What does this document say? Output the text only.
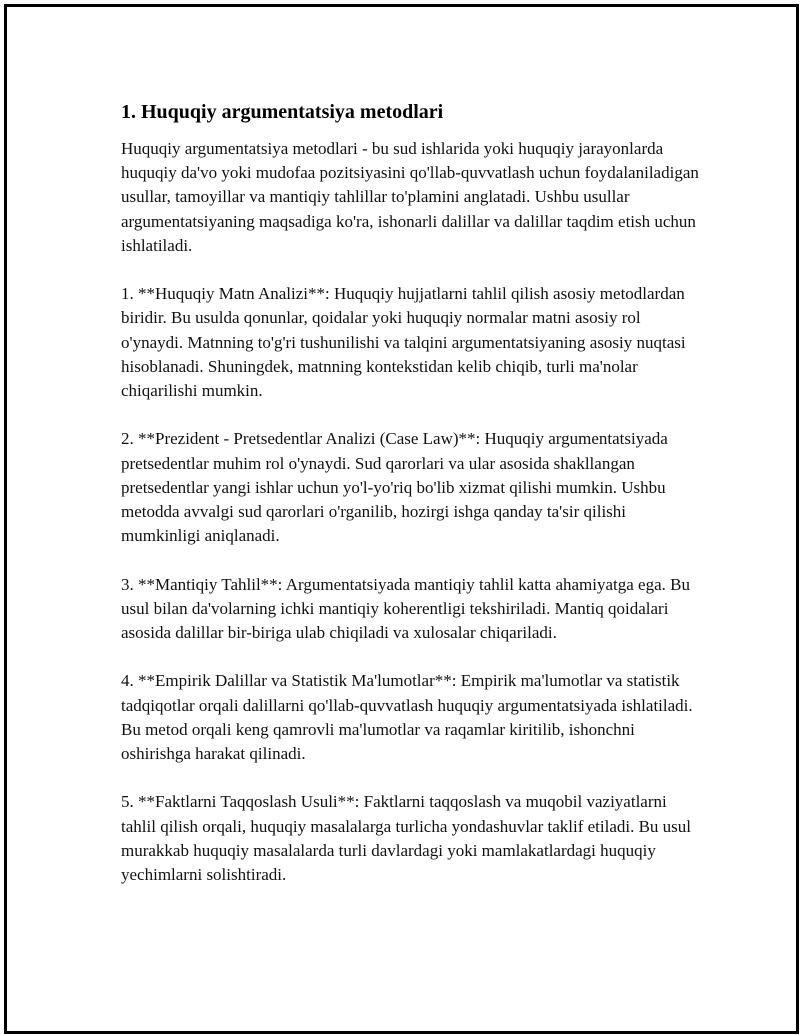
1. Huquqiy argumentatsiya metodlari

Huquqiy argumentatsiya metodlari - bu sud ishlarida yoki huquqiy jarayonlarda huquqiy da'vo yoki mudofaa pozitsiyasini qo'llab-quvvatlash uchun foydalaniladigan usullar, tamoyillar va mantiqiy tahlillar to'plamini anglatadi. Ushbu usullar argumentatsiyaning maqsadiga ko'ra, ishonarli dalillar va dalillar taqdim etish uchun ishlatiladi.

1. **Huquqiy Matn Analizi**: Huquqiy hujjatlarni tahlil qilish asosiy metodlardan biridir. Bu usulda qonunlar, qoidalar yoki huquqiy normalar matni asosiy rol o'ynaydi. Matnning to'g'ri tushunilishi va talqini argumentatsiyaning asosiy nuqtasi hisoblanadi. Shuningdek, matnning kontekstidan kelib chiqib, turli ma'nolar chiqarilishi mumkin.

2. **Prezident - Pretsedentlar Analizi (Case Law)**: Huquqiy argumentatsiyada pretsedentlar muhim rol o'ynaydi. Sud qarorlari va ular asosida shakllangan pretsedentlar yangi ishlar uchun yo'l-yo'riq bo'lib xizmat qilishi mumkin. Ushbu metodda avvalgi sud qarorlari o'rganilib, hozirgi ishga qanday ta'sir qilishi mumkinligi aniqlanadi.

3. **Mantiqiy Tahlil**: Argumentatsiyada mantiqiy tahlil katta ahamiyatga ega. Bu usul bilan da'volarning ichki mantiqiy koherentligi tekshiriladi. Mantiq qoidalari asosida dalillar bir-biriga ulab chiqiladi va xulosalar chiqariladi.

4. **Empirik Dalillar va Statistik Ma'lumotlar**: Empirik ma'lumotlar va statistik tadqiqotlar orqali dalillarni qo'llab-quvvatlash huquqiy argumentatsiyada ishlatiladi. Bu metod orqali keng qamrovli ma'lumotlar va raqamlar kiritilib, ishonchni oshirishga harakat qilinadi.

5. **Faktlarni Taqqoslash Usuli**: Faktlarni taqqoslash va muqobil vaziyatlarni tahlil qilish orqali, huquqiy masalalarga turlicha yondashuvlar taklif etiladi. Bu usul murakkab huquqiy masalalarda turli davlardagi yoki mamlakatlardagi huquqiy yechimlarni solishtiradi.
